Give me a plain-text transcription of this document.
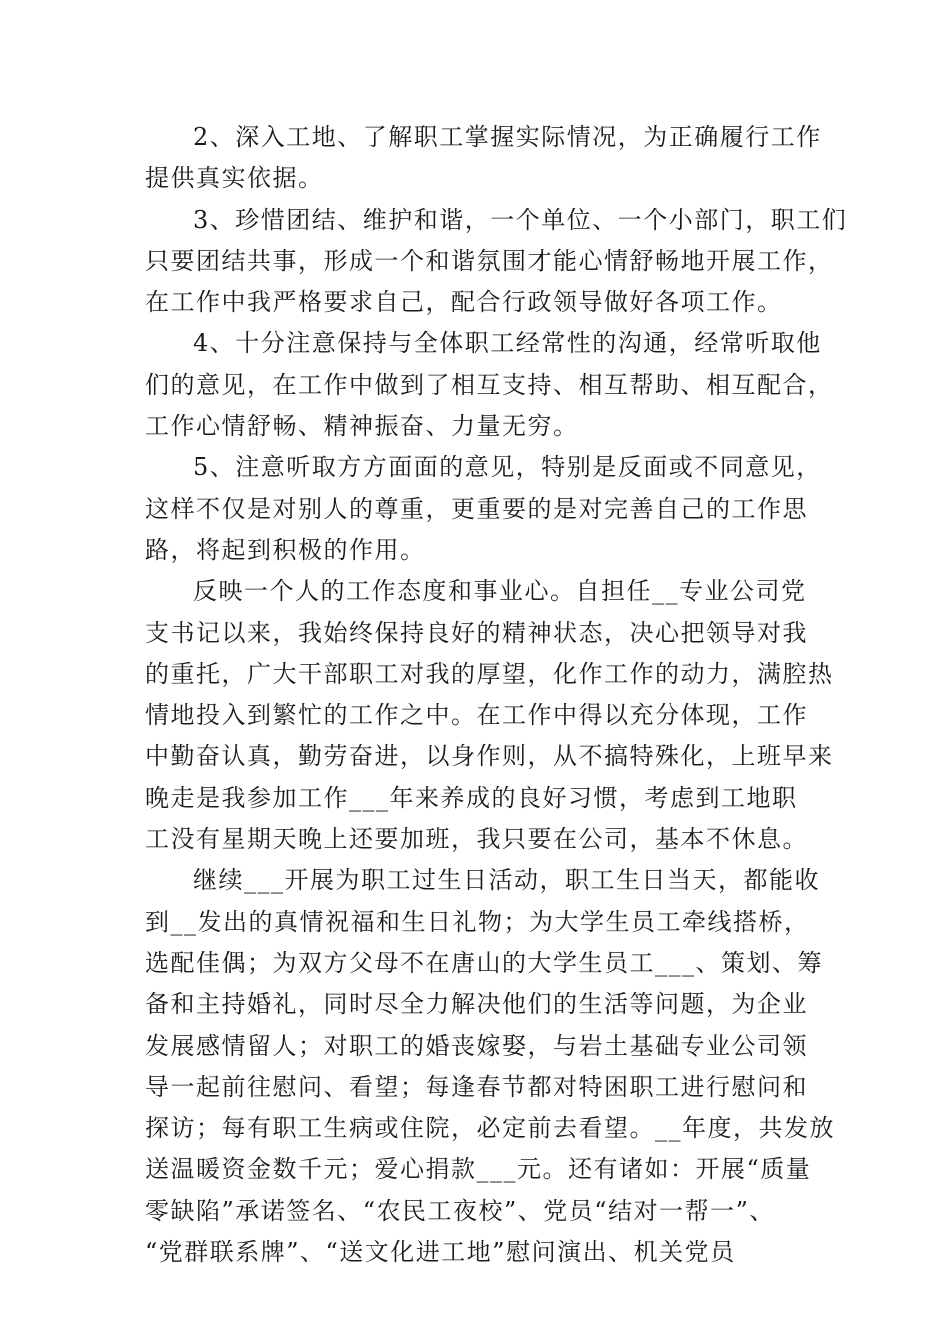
2、深入工地、了解职工掌握实际情况，为正确履行工作
提供真实依据。
3、珍惜团结、维护和谐，一个单位、一个小部门，职工们
只要团结共事，形成一个和谐氛围才能心情舒畅地开展工作，
在工作中我严格要求自己，配合行政领导做好各项工作。
4、十分注意保持与全体职工经常性的沟通，经常听取他
们的意见，在工作中做到了相互支持、相互帮助、相互配合，
工作心情舒畅、精神振奋、力量无穷。
5、注意听取方方面面的意见，特别是反面或不同意见，
这样不仅是对别人的尊重，更重要的是对完善自己的工作思
路，将起到积极的作用。
反映一个人的工作态度和事业心。自担任__专业公司党
支书记以来，我始终保持良好的精神状态，决心把领导对我
的重托，广大干部职工对我的厚望，化作工作的动力，满腔热
情地投入到繁忙的工作之中。在工作中得以充分体现，工作
中勤奋认真，勤劳奋进，以身作则，从不搞特殊化，上班早来
晚走是我参加工作___年来养成的良好习惯，考虑到工地职
工没有星期天晚上还要加班，我只要在公司，基本不休息。
继续___开展为职工过生日活动，职工生日当天，都能收
到__发出的真情祝福和生日礼物；为大学生员工牵线搭桥，
选配佳偶；为双方父母不在唐山的大学生员工___、策划、筹
备和主持婚礼，同时尽全力解决他们的生活等问题，为企业
发展感情留人；对职工的婚丧嫁娶，与岩土基础专业公司领
导一起前往慰问、看望；每逢春节都对特困职工进行慰问和
探访；每有职工生病或住院，必定前去看望。__年度，共发放
送温暖资金数千元；爱心捐款___元。还有诸如：开展“质量
零缺陷”承诺签名、“农民工夜校”、党员“结对一帮一”、
“党群联系牌”、“送文化进工地”慰问演出、机关党员
